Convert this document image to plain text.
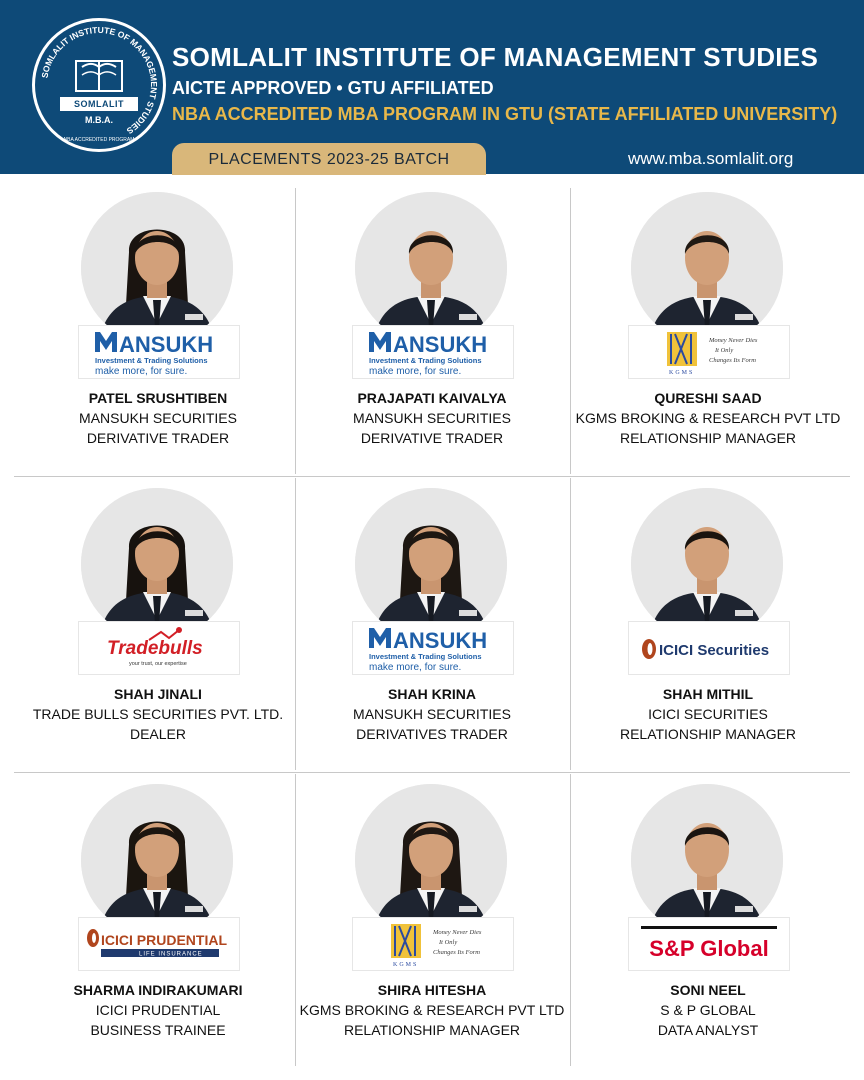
SOMLALIT INSTITUTE OF MANAGEMENT STUDIES
SOMLALIT
M.B.A.
NBA ACCREDITED PROGRAM
SOMLALIT INSTITUTE OF MANAGEMENT STUDIES
AICTE APPROVED • GTU AFFILIATED
NBA ACCREDITED MBA PROGRAM IN GTU (STATE AFFILIATED UNIVERSITY)
PLACEMENTS 2023-25 BATCH	www.mba.somlalit.org
ANSUKH
Investment & Trading Solutions
make more, for sure.
PATEL SRUSHTIBEN
MANSUKH SECURITIES
DERIVATIVE TRADER
ANSUKH
Investment & Trading Solutions
make more, for sure.
PRAJAPATI KAIVALYA
MANSUKH SECURITIES
DERIVATIVE TRADER
KGMS
Money Never Dies
It Only
Changes Its Form
QURESHI SAAD
KGMS BROKING & RESEARCH PVT LTD
RELATIONSHIP MANAGER
Tradebulls
your trust, our expertise
SHAH JINALI
TRADE BULLS SECURITIES PVT. LTD.
DEALER
ANSUKH
Investment & Trading Solutions
make more, for sure.
SHAH KRINA
MANSUKH SECURITIES
DERIVATIVES TRADER
ICICI Securities
SHAH MITHIL
ICICI SECURITIES
RELATIONSHIP MANAGER
ICICI PRUDENTIAL
LIFE INSURANCE
SHARMA INDIRAKUMARI
ICICI PRUDENTIAL
BUSINESS TRAINEE
KGMS
Money Never Dies
It Only
Changes Its Form
SHIRA HITESHA
KGMS BROKING & RESEARCH PVT LTD
RELATIONSHIP MANAGER
S&P Global
SONI NEEL
S & P GLOBAL
DATA ANALYST
